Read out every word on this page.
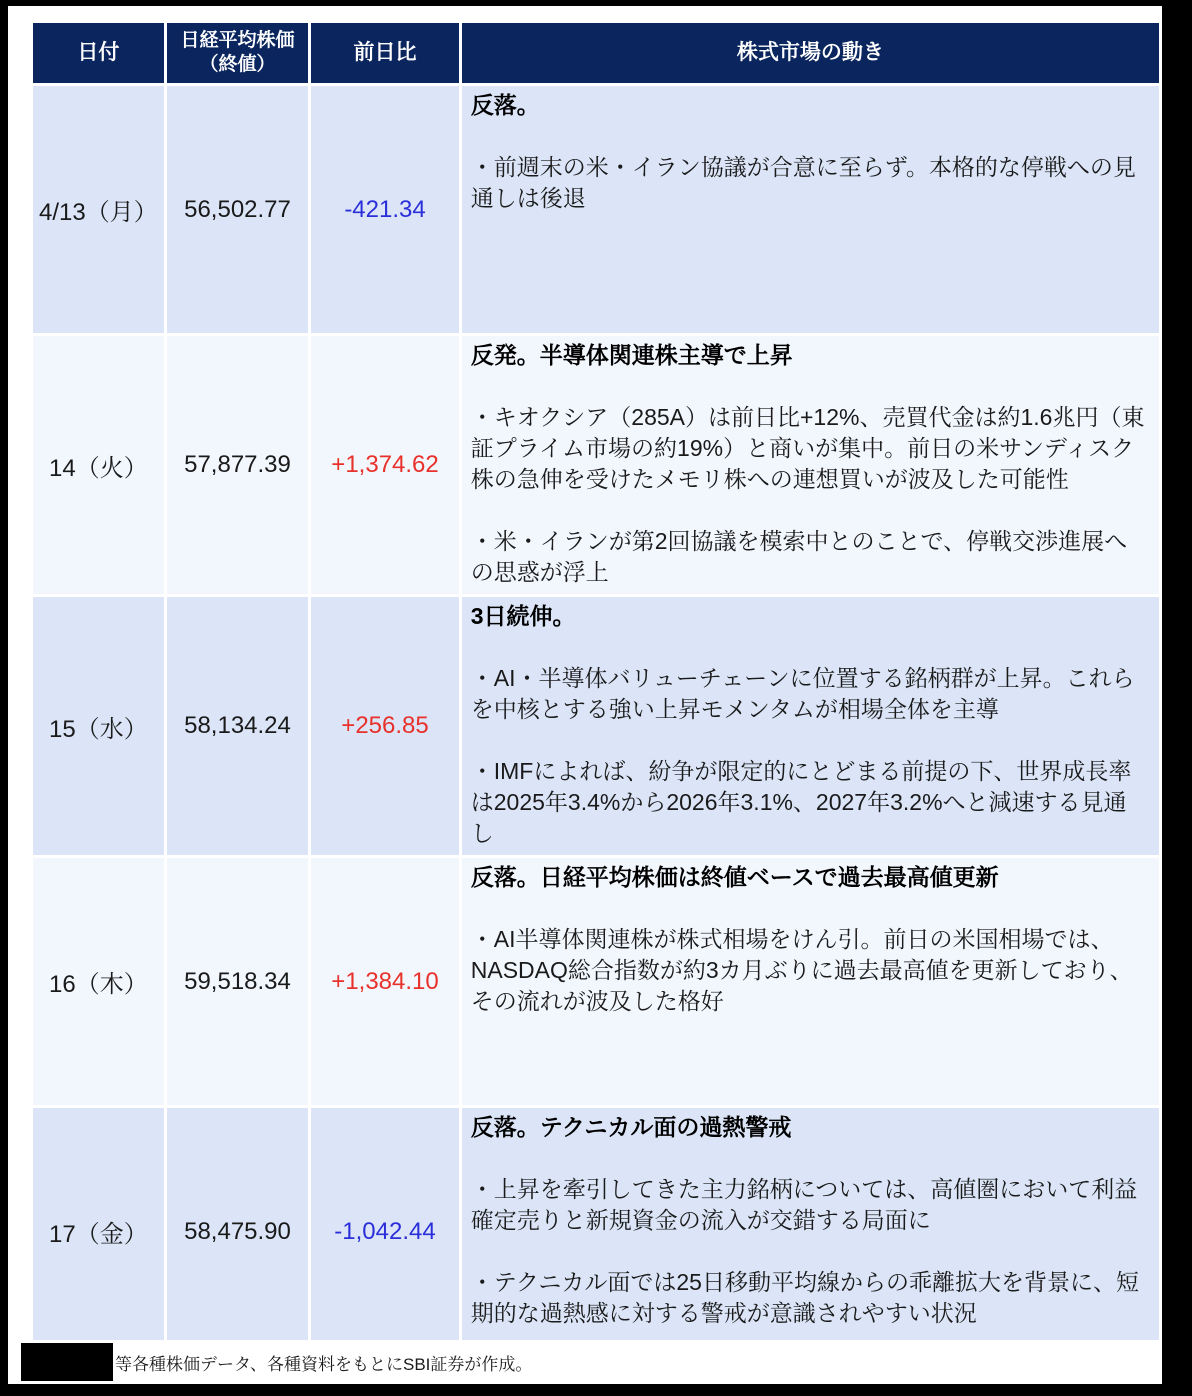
日付	日経平均株価
（終値）	前日比	株式市場の動き

4/13（月）	56,502.77	-421.34	反落。
・前週末の米・イラン協議が合意に至らず。本格的な停戦への見通しは後退

14（火）	57,877.39	+1,374.62	反発。半導体関連株主導で上昇
・キオクシア（285A）は前日比+12%、売買代金は約1.6兆円（東証プライム市場の約19%）と商いが集中。前日の米サンディスク株の急伸を受けたメモリ株への連想買いが波及した可能性

・米・イランが第2回協議を模索中とのことで、停戦交渉進展への思惑が浮上

15（水）	58,134.24	+256.85	3日続伸。
・AI・半導体バリューチェーンに位置する銘柄群が上昇。これらを中核とする強い上昇モメンタムが相場全体を主導

・IMFによれば、紛争が限定的にとどまる前提の下、世界成長率は2025年3.4%から2026年3.1%、2027年3.2%へと減速する見通し

16（木）	59,518.34	+1,384.10	反落。日経平均株価は終値ベースで過去最高値更新
・AI半導体関連株が株式相場をけん引。前日の米国相場では、NASDAQ総合指数が約3カ月ぶりに過去最高値を更新しており、その流れが波及した格好

17（金）	58,475.90	-1,042.44	反落。テクニカル面の過熱警戒
・上昇を牽引してきた主力銘柄については、高値圏において利益確定売りと新規資金の流入が交錯する局面に

・テクニカル面では25日移動平均線からの乖離拡大を背景に、短期的な過熱感に対する警戒が意識されやすい状況
等各種株価データ、各種資料をもとにSBI証券が作成。
